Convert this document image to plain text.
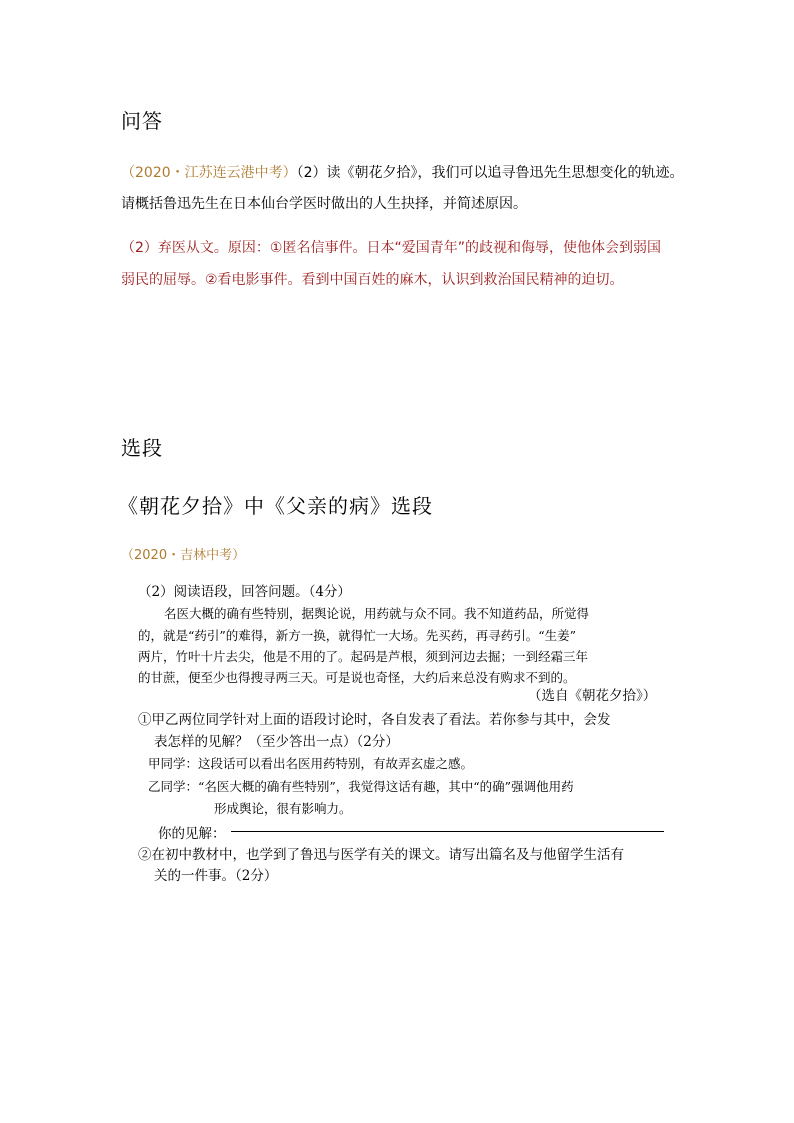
问答
（2020・江苏连云港中考）（2）读《朝花夕拾》，我们可以追寻鲁迅先生思想变化的轨迹。
请概括鲁迅先生在日本仙台学医时做出的人生抉择，并简述原因。
（2）弃医从文。原因：①匿名信事件。日本“爱国青年”的歧视和侮辱，使他体会到弱国
弱民的屈辱。②看电影事件。看到中国百姓的麻木，认识到救治国民精神的迫切。
选段
《朝花夕拾》中《父亲的病》选段
（2020・吉林中考）
（2）阅读语段，回答问题。（4分）
名医大概的确有些特别，据舆论说，用药就与众不同。我不知道药品，所觉得
的，就是“药引”的难得，新方一换，就得忙一大场。先买药，再寻药引。“生姜”
两片，竹叶十片去尖，他是不用的了。起码是芦根，须到河边去掘；一到经霜三年
的甘蔗，便至少也得搜寻两三天。可是说也奇怪，大约后来总没有购求不到的。
（选自《朝花夕拾》）
①甲乙两位同学针对上面的语段讨论时，各自发表了看法。若你参与其中，会发
表怎样的见解？（至少答出一点）（2分）
甲同学：这段话可以看出名医用药特别，有故弄玄虚之感。
乙同学：“名医大概的确有些特别”，我觉得这话有趣，其中“的确”强调他用药
形成舆论，很有影响力。
你的见解：
②在初中教材中，也学到了鲁迅与医学有关的课文。请写出篇名及与他留学生活有
关的一件事。（2分）
